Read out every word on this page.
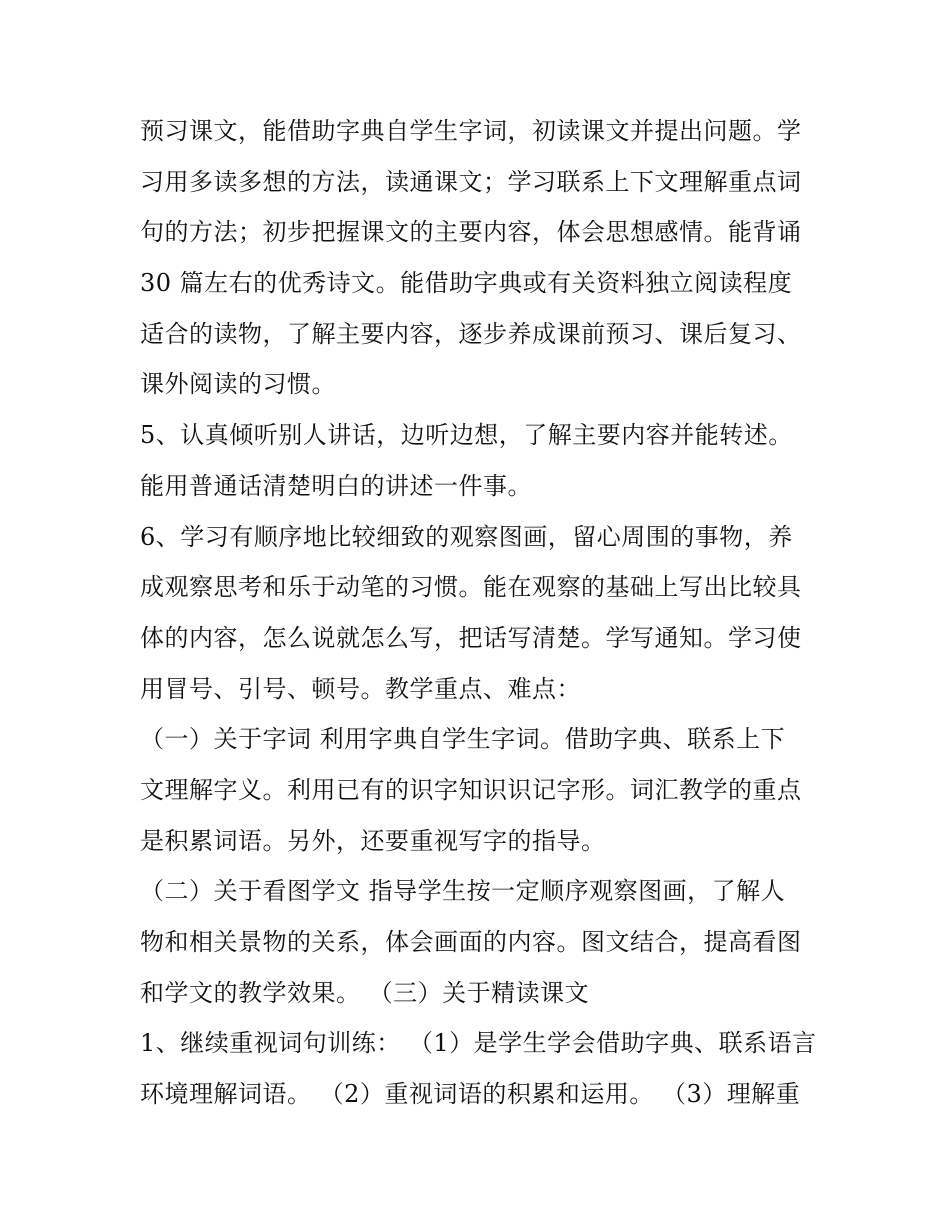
预习课文，能借助字典自学生字词，初读课文并提出问题。学
习用多读多想的方法，读通课文；学习联系上下文理解重点词
句的方法；初步把握课文的主要内容，体会思想感情。能背诵
30 篇左右的优秀诗文。能借助字典或有关资料独立阅读程度
适合的读物，了解主要内容，逐步养成课前预习、课后复习、
课外阅读的习惯。
5、认真倾听别人讲话，边听边想，了解主要内容并能转述。
能用普通话清楚明白的讲述一件事。
6、学习有顺序地比较细致的观察图画，留心周围的事物，养
成观察思考和乐于动笔的习惯。能在观察的基础上写出比较具
体的内容，怎么说就怎么写，把话写清楚。学写通知。学习使
用冒号、引号、顿号。教学重点、难点：
（一）关于字词 利用字典自学生字词。借助字典、联系上下
文理解字义。利用已有的识字知识识记字形。词汇教学的重点
是积累词语。另外，还要重视写字的指导。
（二）关于看图学文 指导学生按一定顺序观察图画，了解人
物和相关景物的关系，体会画面的内容。图文结合，提高看图
和学文的教学效果。 （三）关于精读课文
1、继续重视词句训练： （1）是学生学会借助字典、联系语言
环境理解词语。 （2）重视词语的积累和运用。 （3）理解重
